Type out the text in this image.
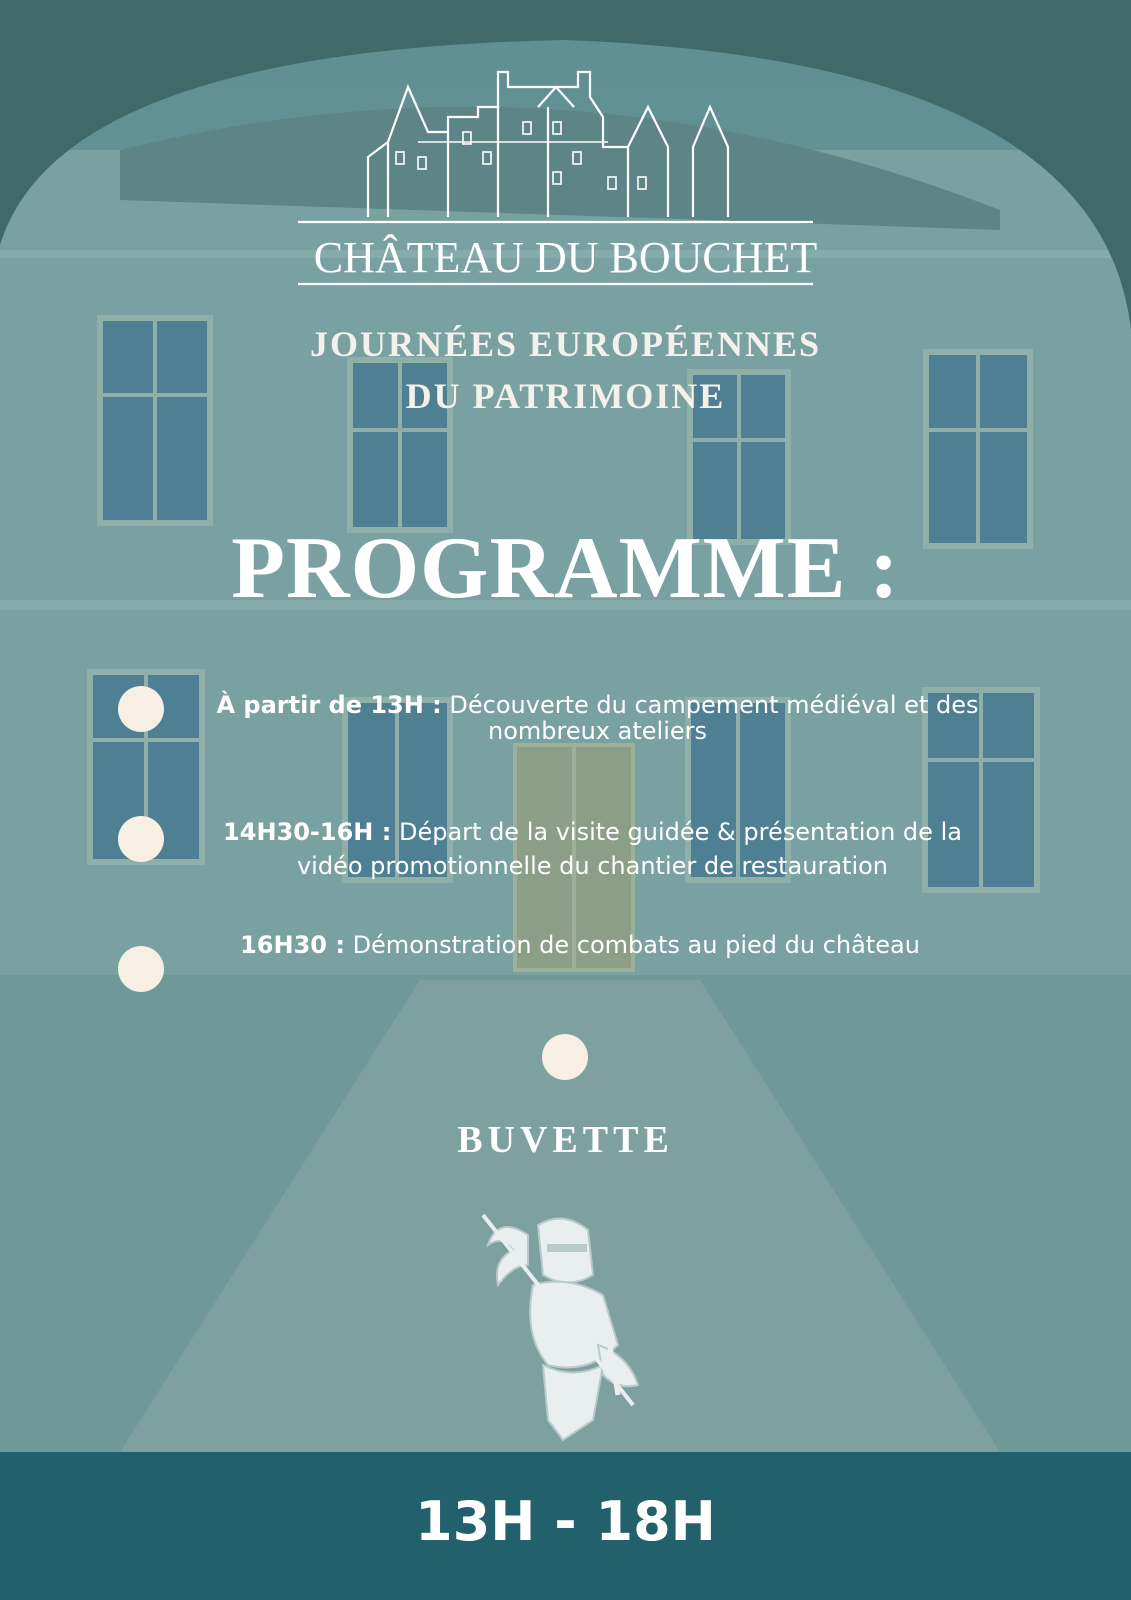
CHÂTEAU DU BOUCHET
JOURNÉES EUROPÉENNES
DU PATRIMOINE
PROGRAMME :
À partir de 13H : Découverte du campement médiéval et des
nombreux ateliers
14H30-16H : Départ de la visite guidée & présentation de la
vidéo promotionnelle du chantier de restauration
16H30 : Démonstration de combats au pied du château
BUVETTE
13H - 18H
